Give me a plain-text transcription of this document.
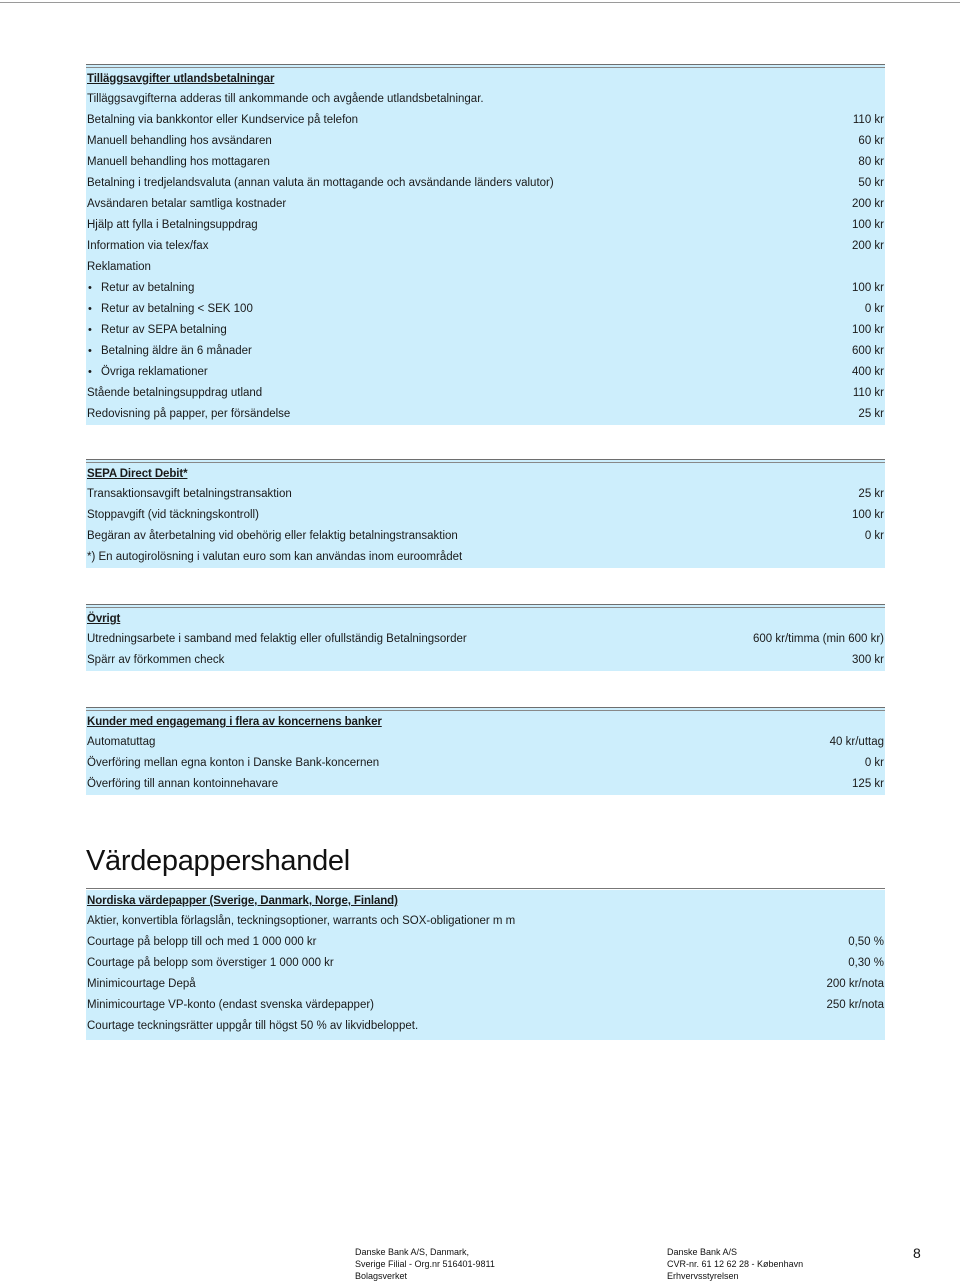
Tilläggsavgifter utlandsbetalningar
Tilläggsavgifterna adderas till ankommande och avgående utlandsbetalningar.
Betalning via bankkontor eller Kundservice på telefon	110 kr
Manuell behandling hos avsändaren	60 kr
Manuell behandling hos mottagaren	80 kr
Betalning i tredjelandsvaluta (annan valuta än mottagande och avsändande länders valutor)	50 kr
Avsändaren betalar samtliga kostnader	200 kr
Hjälp att fylla i Betalningsuppdrag	100 kr
Information via telex/fax	200 kr
Reklamation
• Retur av betalning	100 kr
• Retur av betalning < SEK 100	0 kr
• Retur av SEPA betalning	100 kr
• Betalning äldre än 6 månader	600 kr
• Övriga reklamationer	400 kr
Stående betalningsuppdrag utland	110 kr
Redovisning på papper, per försändelse	25 kr
SEPA Direct Debit*
Transaktionsavgift betalningstransaktion	25 kr
Stoppavgift (vid täckningskontroll)	100 kr
Begäran av återbetalning vid obehörig eller felaktig betalningstransaktion	0 kr
*) En autogirolösning i valutan euro som kan användas inom euroområdet
Övrigt
Utredningsarbete i samband med felaktig eller ofullständig Betalningsorder	600 kr/timma (min 600 kr)
Spärr av förkommen check	300 kr
Kunder med engagemang i flera av koncernens banker
Automatuttag	40 kr/uttag
Överföring mellan egna konton i Danske Bank-koncernen	0 kr
Överföring till annan kontoinnehavare	125 kr
Värdepappershandel
Nordiska värdepapper (Sverige, Danmark, Norge, Finland)
Aktier, konvertibla förlagslån, teckningsoptioner, warrants och SOX-obligationer m m
Courtage på belopp till och med 1 000 000 kr	0,50 %
Courtage på belopp som överstiger 1 000 000 kr	0,30 %
Minimicourtage Depå	200 kr/nota
Minimicourtage VP-konto (endast svenska värdepapper)	250 kr/nota
Courtage teckningsrätter uppgår till högst 50 % av likvidbeloppet.
Danske Bank A/S, Danmark,
Sverige Filial - Org.nr 516401-9811
Bolagsverket
Danske Bank A/S
CVR-nr. 61 12 62 28 - København
Erhvervsstyrelsen
8
